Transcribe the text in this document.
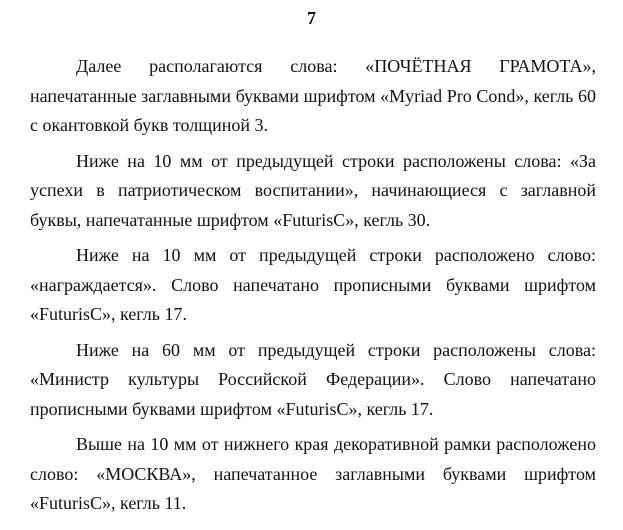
7

Далее располагаются слова: «ПОЧЁТНАЯ ГРАМОТА», напечатанные заглавными буквами шрифтом «Myriad Pro Cond», кегль 60 с окантовкой букв толщиной 3.

Ниже на 10 мм от предыдущей строки расположены слова: «За успехи в патриотическом воспитании», начинающиеся с заглавной буквы, напечатанные шрифтом «FuturisC», кегль 30.

Ниже на 10 мм от предыдущей строки расположено слово: «награждается». Слово напечатано прописными буквами шрифтом «FuturisC», кегль 17.

Ниже на 60 мм от предыдущей строки расположены слова: «Министр культуры Российской Федерации». Слово напечатано прописными буквами шрифтом «FuturisC», кегль 17.

Выше на 10 мм от нижнего края декоративной рамки расположено слово: «МОСКВА», напечатанное заглавными буквами шрифтом «FuturisC», кегль 11.
